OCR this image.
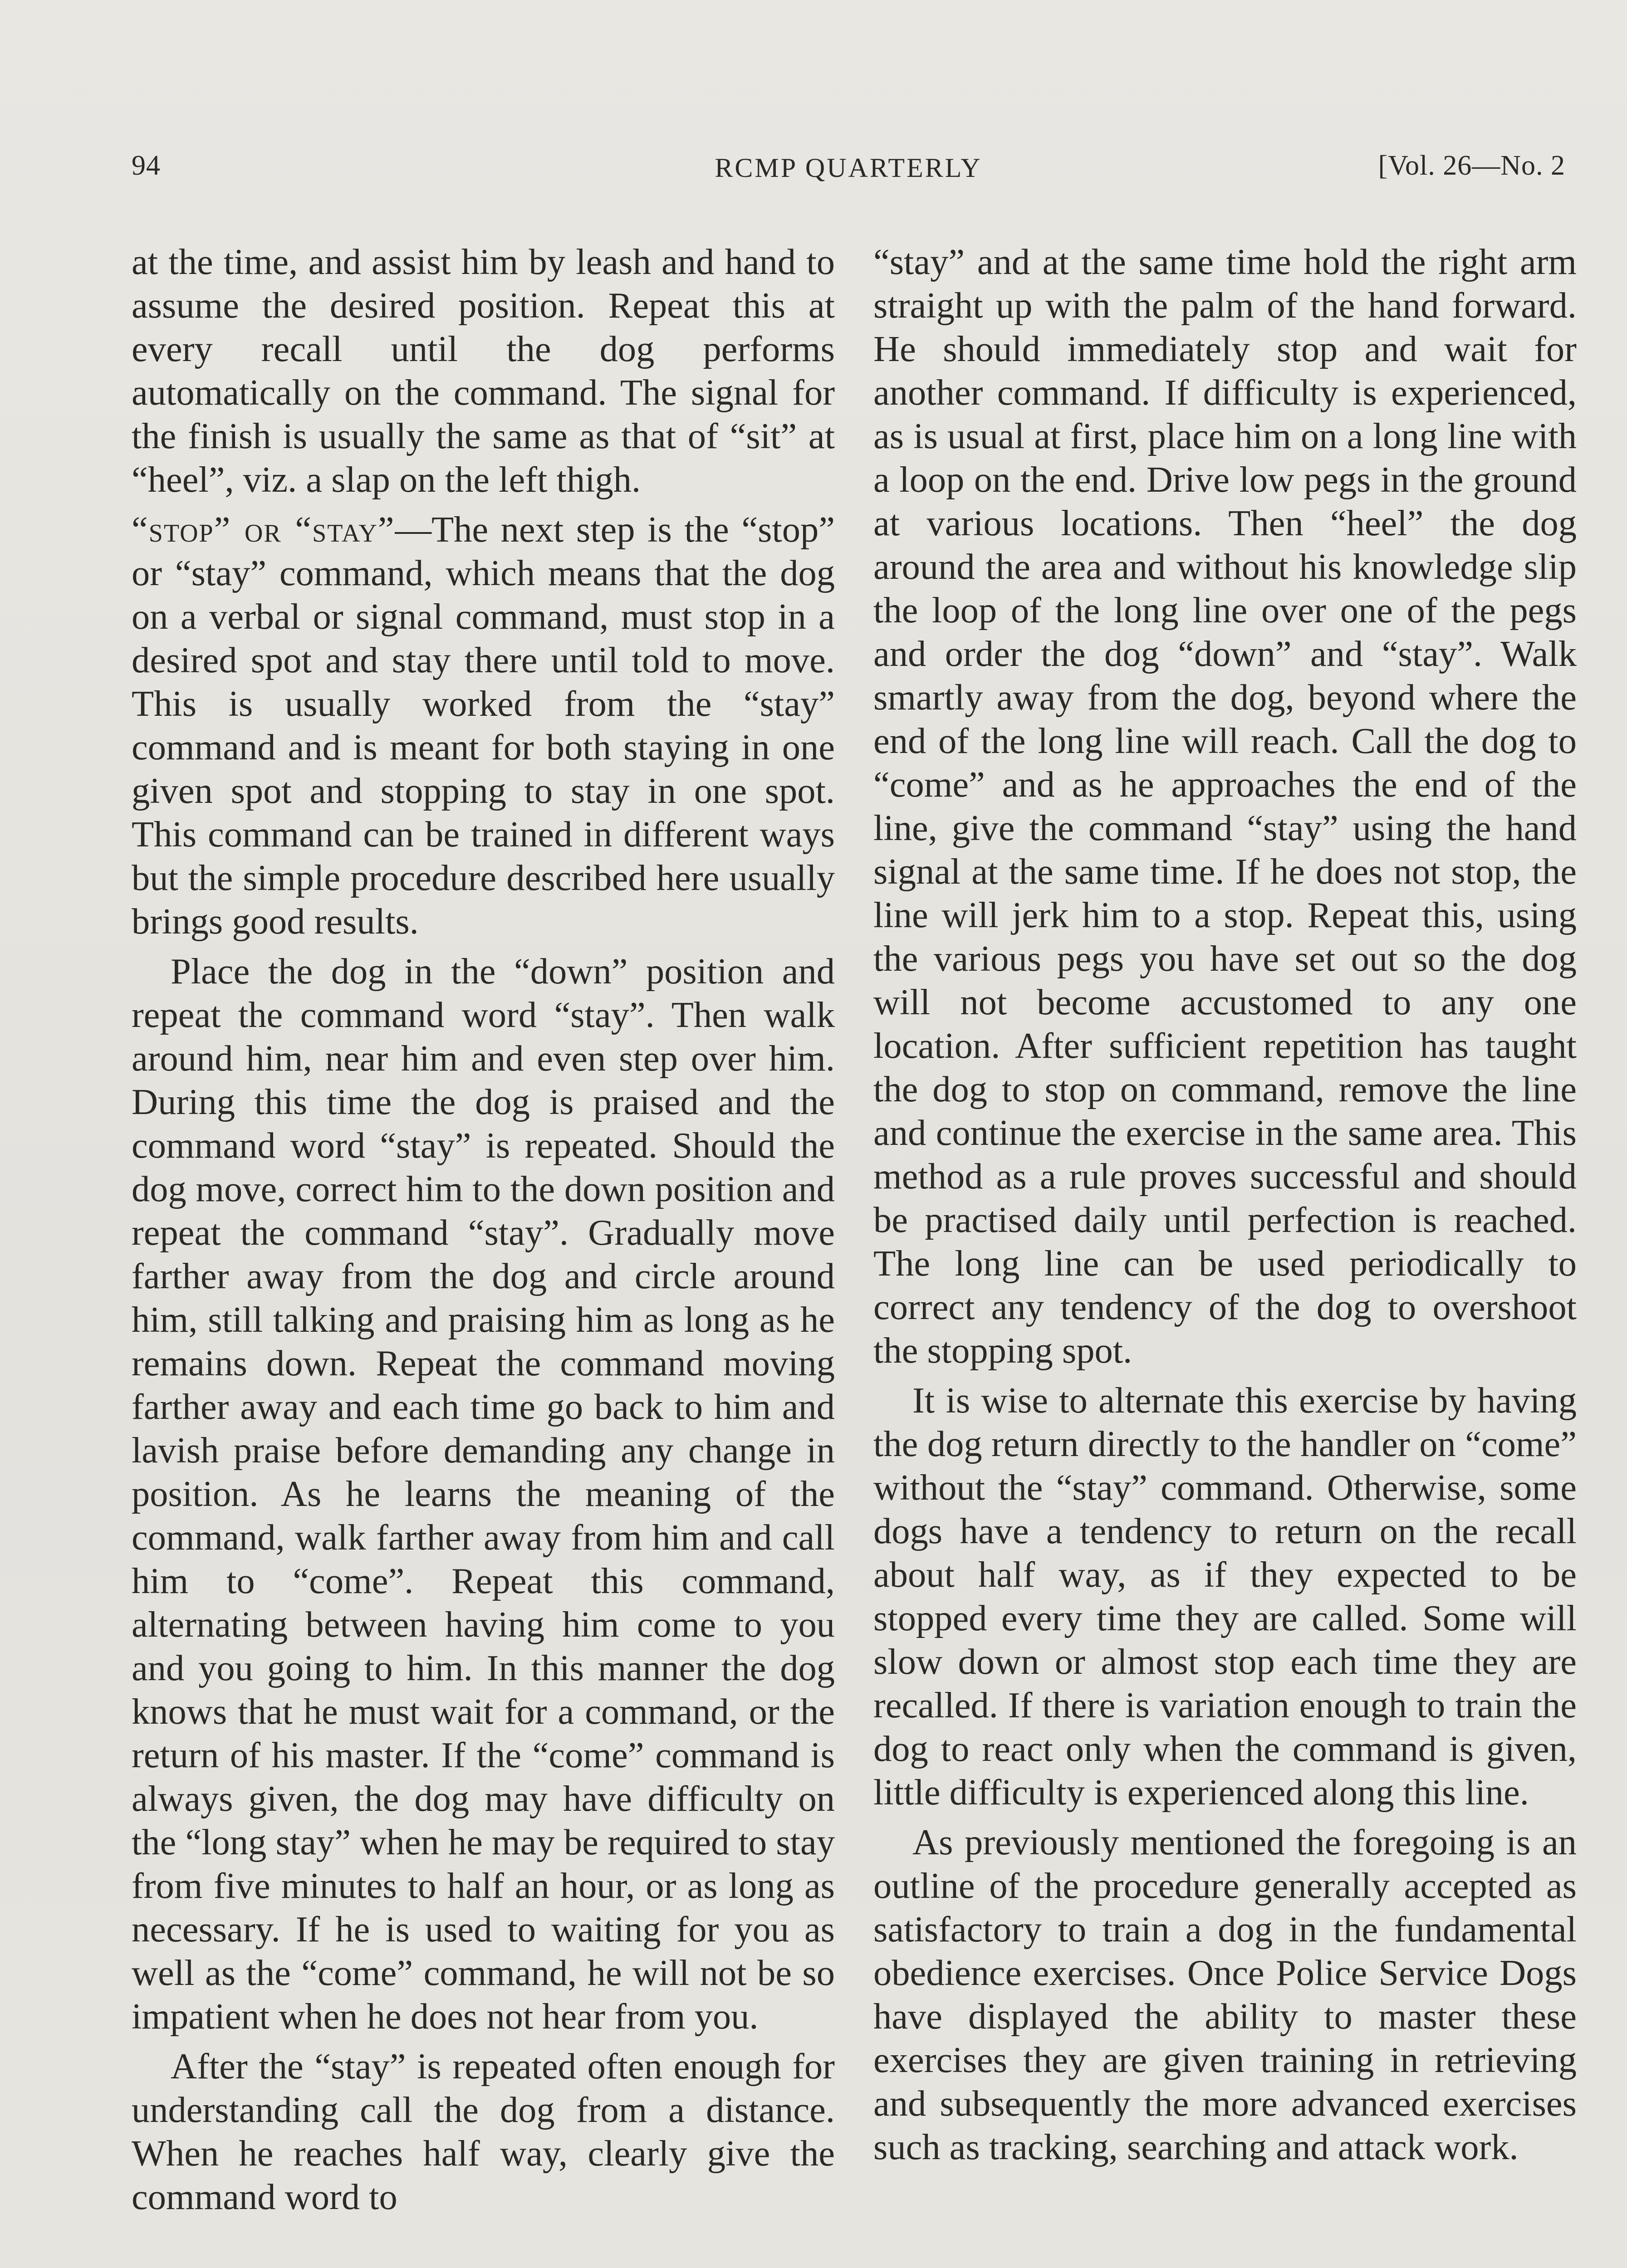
94	RCMP QUARTERLY	[Vol. 26—No. 2

at the time, and assist him by leash and hand to assume the desired position. Repeat this at every recall until the dog performs automatically on the command. The signal for the finish is usually the same as that of “sit” at “heel”, viz. a slap on the left thigh.

“stop” or “stay”—The next step is the “stop” or “stay” command, which means that the dog on a verbal or signal command, must stop in a desired spot and stay there until told to move. This is usually worked from the “stay” command and is meant for both staying in one given spot and stopping to stay in one spot. This command can be trained in different ways but the simple procedure described here usually brings good results.

Place the dog in the “down” position and repeat the command word “stay”. Then walk around him, near him and even step over him. During this time the dog is praised and the command word “stay” is repeated. Should the dog move, correct him to the down position and repeat the command “stay”. Gradually move farther away from the dog and circle around him, still talking and praising him as long as he remains down. Repeat the command moving farther away and each time go back to him and lavish praise before demanding any change in position. As he learns the meaning of the command, walk farther away from him and call him to “come”. Repeat this command, alternating between having him come to you and you going to him. In this manner the dog knows that he must wait for a command, or the return of his master. If the “come” command is always given, the dog may have difficulty on the “long stay” when he may be required to stay from five minutes to half an hour, or as long as necessary. If he is used to waiting for you as well as the “come” command, he will not be so impatient when he does not hear from you.

After the “stay” is repeated often enough for understanding call the dog from a distance. When he reaches half way, clearly give the command word to

“stay” and at the same time hold the right arm straight up with the palm of the hand forward. He should immediately stop and wait for another command. If difficulty is experienced, as is usual at first, place him on a long line with a loop on the end. Drive low pegs in the ground at various locations. Then “heel” the dog around the area and without his knowledge slip the loop of the long line over one of the pegs and order the dog “down” and “stay”. Walk smartly away from the dog, beyond where the end of the long line will reach. Call the dog to “come” and as he approaches the end of the line, give the command “stay” using the hand signal at the same time. If he does not stop, the line will jerk him to a stop. Repeat this, using the various pegs you have set out so the dog will not become accustomed to any one location. After sufficient repetition has taught the dog to stop on command, remove the line and continue the exercise in the same area. This method as a rule proves successful and should be practised daily until perfection is reached. The long line can be used periodically to correct any tendency of the dog to overshoot the stopping spot.

It is wise to alternate this exercise by having the dog return directly to the handler on “come” without the “stay” command. Otherwise, some dogs have a tendency to return on the recall about half way, as if they expected to be stopped every time they are called. Some will slow down or almost stop each time they are recalled. If there is variation enough to train the dog to react only when the command is given, little difficulty is experienced along this line.

As previously mentioned the foregoing is an outline of the procedure generally accepted as satisfactory to train a dog in the fundamental obedience exercises. Once Police Service Dogs have displayed the ability to master these exercises they are given training in retrieving and subsequently the more advanced exercises such as tracking, searching and attack work.
